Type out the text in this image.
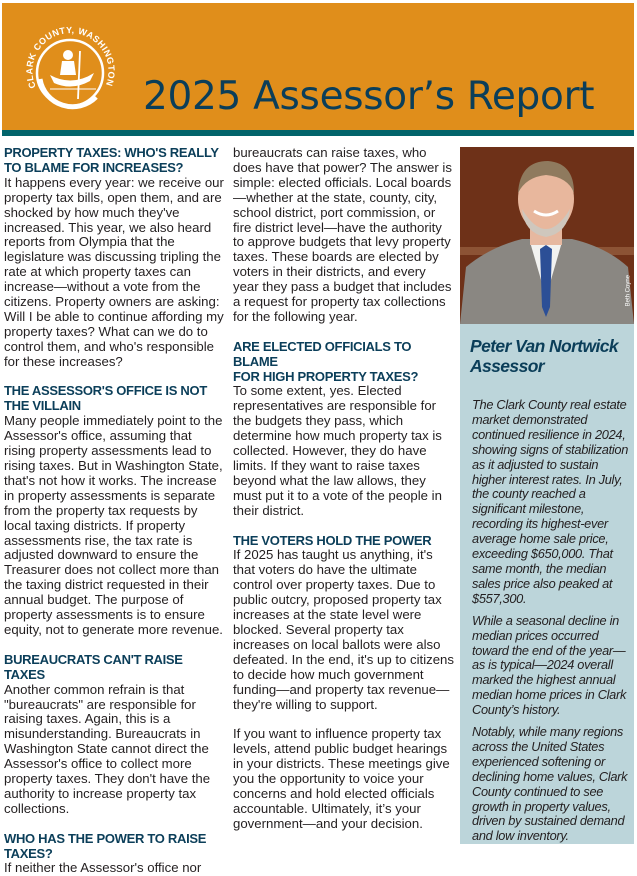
CLARK COUNTY, WASHINGTON 2025 Assessor’s Report
PROPERTY TAXES: WHO'S REALLY
TO BLAME FOR INCREASES?

It happens every year: we receive our property tax bills, open them, and are shocked by how much they've increased. This year, we also heard reports from Olympia that the legislature was discussing tripling the rate at which property taxes can increase—without a vote from the citizens. Property owners are asking: Will I be able to continue affording my property taxes? What can we do to control them, and who's responsible for these increases?

THE ASSESSOR'S OFFICE IS NOT
THE VILLAIN

Many people immediately point to the Assessor's office, assuming that rising property assessments lead to rising taxes. But in Washington State, that's not how it works. The increase in property assessments is separate from the property tax requests by local taxing districts. If property assessments rise, the tax rate is adjusted downward to ensure the Treasurer does not collect more than the taxing district requested in their annual budget. The purpose of property assessments is to ensure equity, not to generate more revenue.

BUREAUCRATS CAN'T RAISE TAXES

Another common refrain is that "bureaucrats" are responsible for raising taxes. Again, this is a misunderstanding. Bureaucrats in Washington State cannot direct the Assessor's office to collect more property taxes. They don't have the authority to increase property tax collections.

WHO HAS THE POWER TO RAISE
TAXES?

If neither the Assessor's office nor

bureaucrats can raise taxes, who does have that power? The answer is simple: elected officials. Local boards—whether at the state, county, city, school district, port commission, or fire district level—have the authority to approve budgets that levy property taxes. These boards are elected by voters in their districts, and every year they pass a budget that includes a request for property tax collections for the following year.

ARE ELECTED OFFICIALS TO BLAME
FOR HIGH PROPERTY TAXES?

To some extent, yes. Elected representatives are responsible for the budgets they pass, which determine how much property tax is collected. However, they do have limits. If they want to raise taxes beyond what the law allows, they must put it to a vote of the people in their district.

THE VOTERS HOLD THE POWER

If 2025 has taught us anything, it's that voters do have the ultimate control over property taxes. Due to public outcry, proposed property tax increases at the state level were blocked. Several property tax increases on local ballots were also defeated. In the end, it's up to citizens to decide how much government funding—and property tax revenue—they're willing to support.

If you want to influence property tax levels, attend public budget hearings in your districts. These meetings give you the opportunity to voice your concerns and hold elected officials accountable. Ultimately, it’s your government—and your decision.

Beth Coyne
Peter Van Nortwick
Assessor

The Clark County real estate market demonstrated continued resilience in 2024, showing signs of stabilization as it adjusted to sustain higher interest rates. In July, the county reached a significant milestone, recording its highest-ever average home sale price, exceeding $650,000. That same month, the median sales price also peaked at $557,300.

While a seasonal decline in median prices occurred toward the end of the year—as is typical—2024 overall marked the highest annual median home prices in Clark County’s history.

Notably, while many regions across the United States experienced softening or declining home values, Clark County continued to see growth in property values, driven by sustained demand and low inventory.
